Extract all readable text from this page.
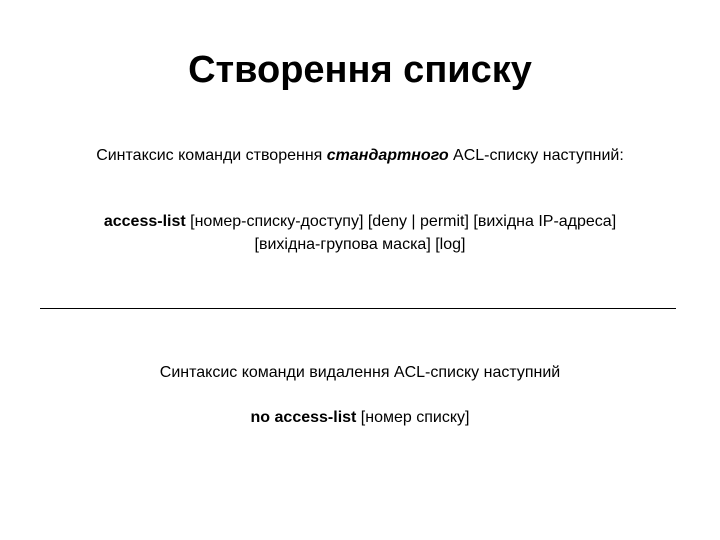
Створення списку

Синтаксис команди створення стандартного ACL-списку наступний:

access-list [номер-списку-доступу] [deny | permit] [вихідна IP-адреса]

[вихідна-групова маска] [log]

Синтаксис команди видалення ACL-списку наступний

no access-list [номер списку]
